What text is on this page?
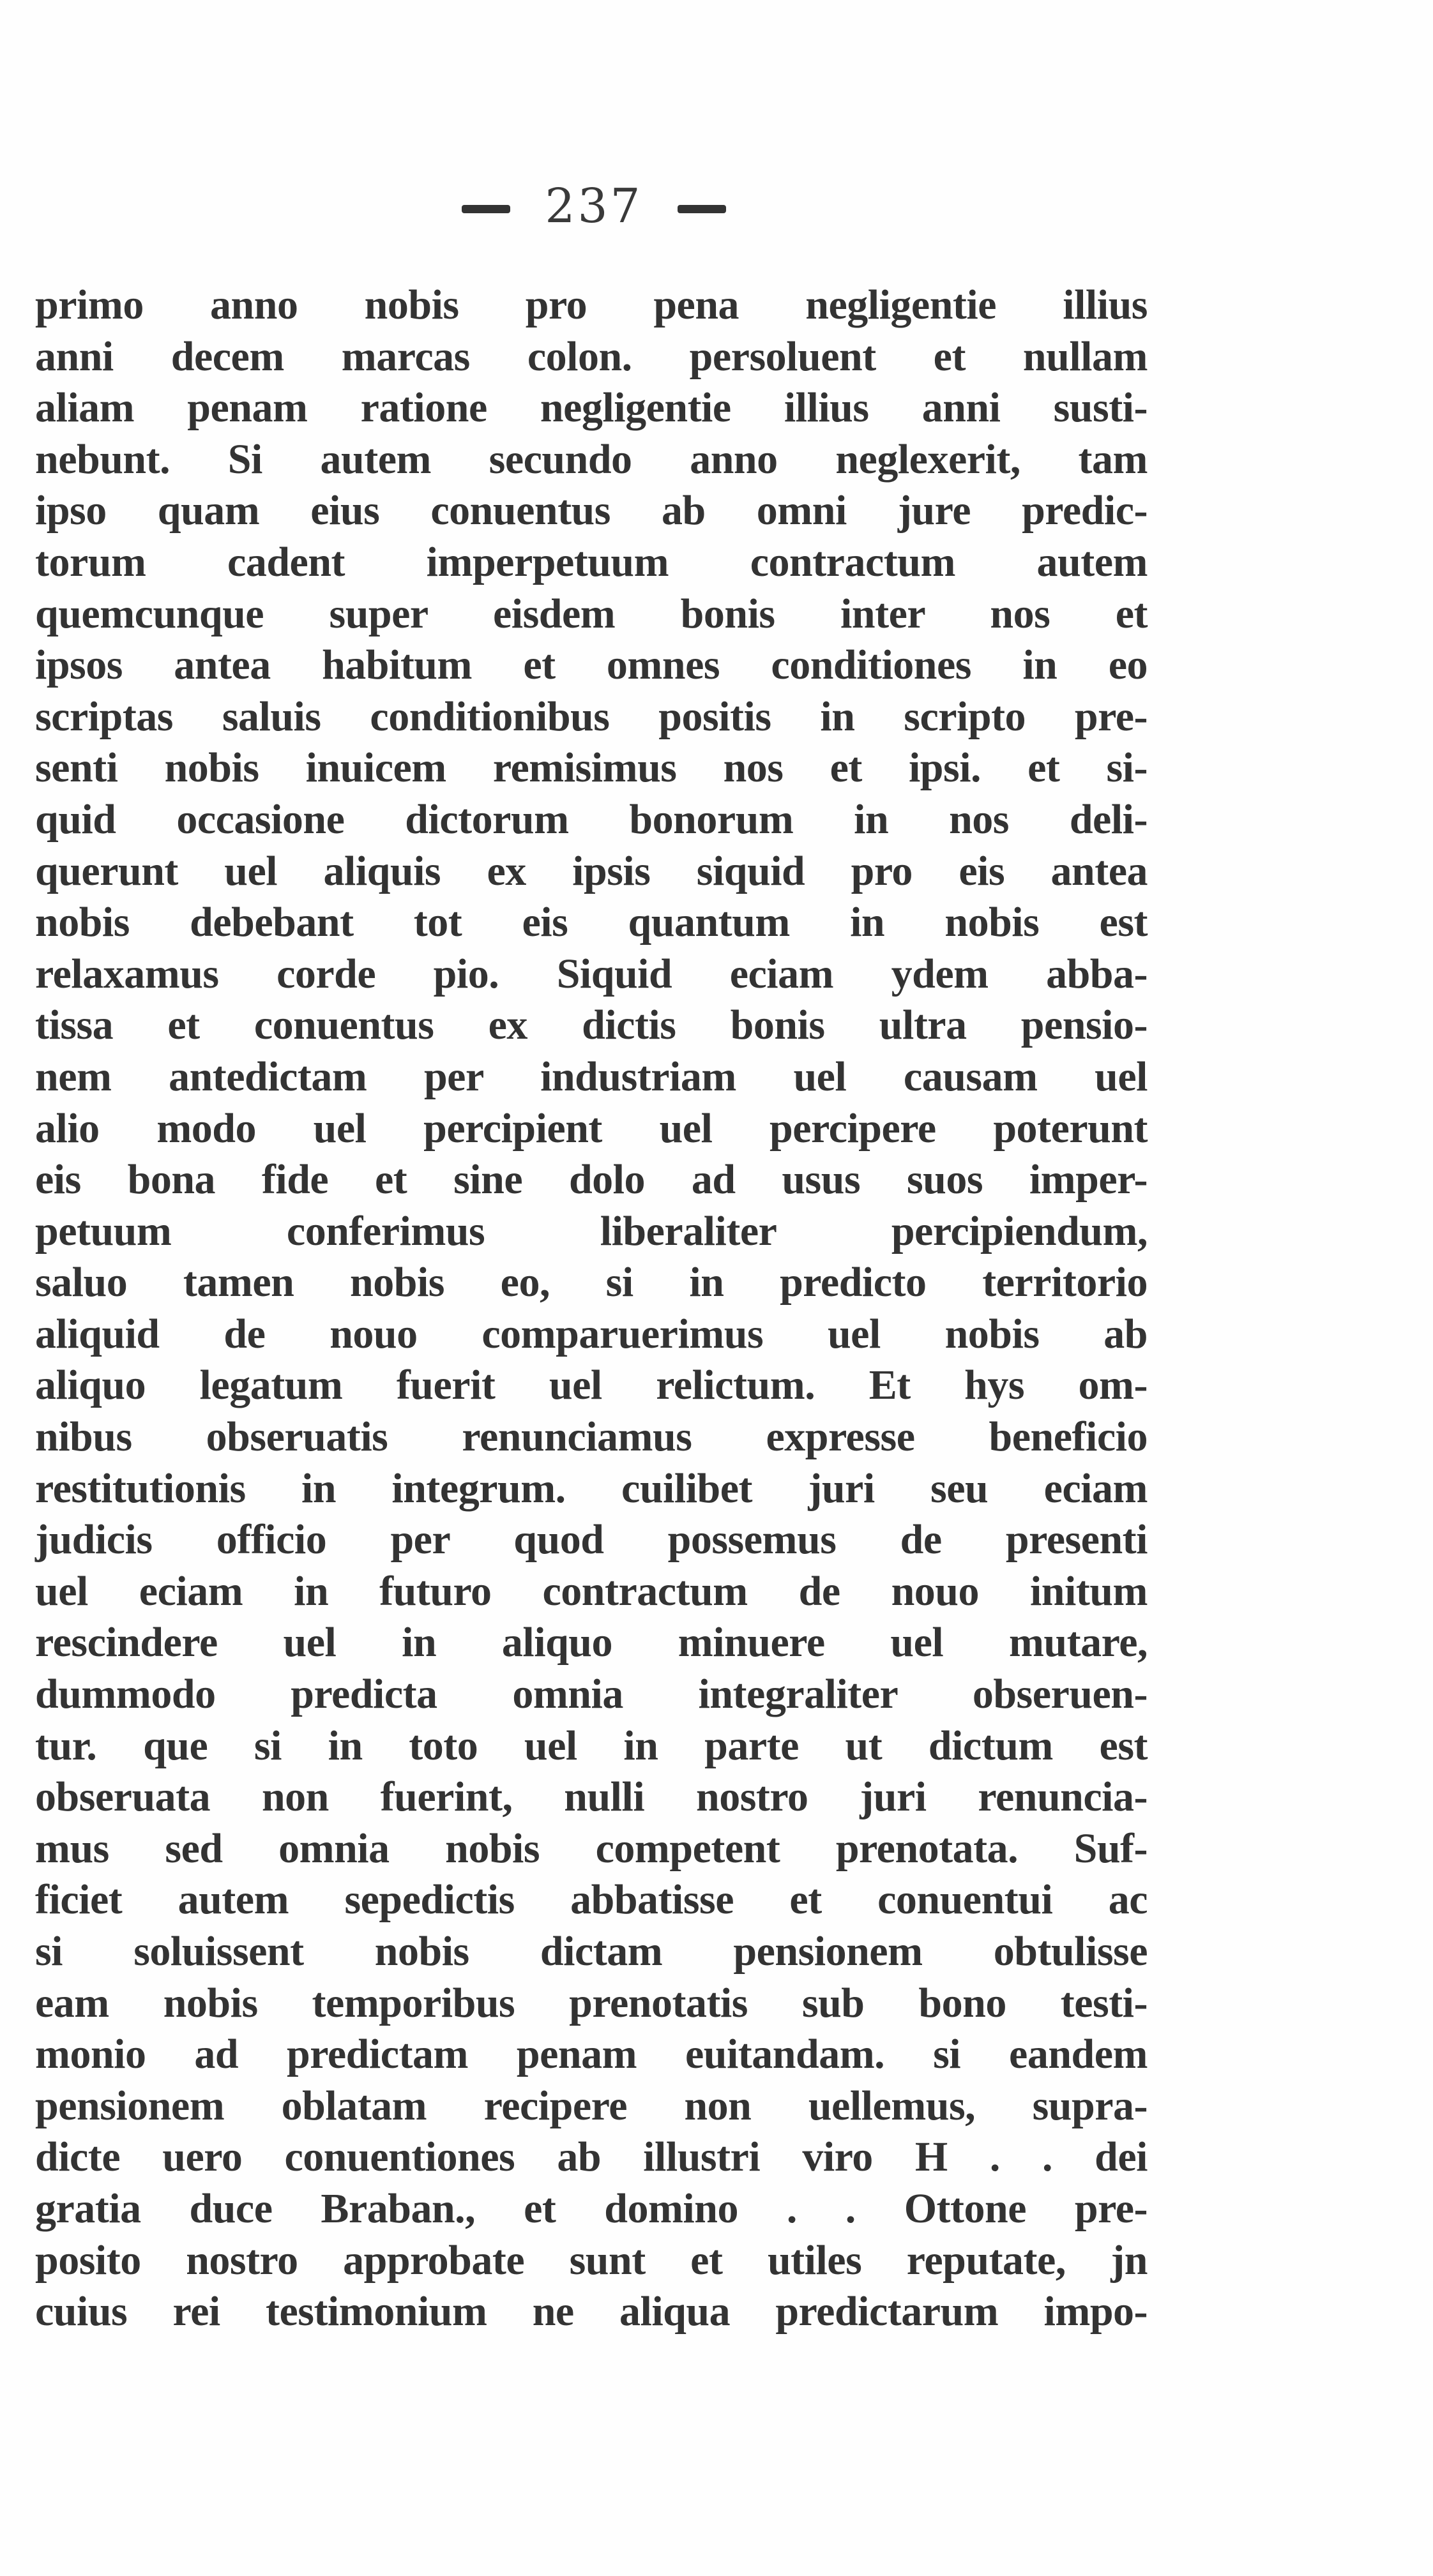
237
primo anno nobis pro pena negligentie illius
anni decem marcas colon. persoluent et nullam
aliam penam ratione negligentie illius anni susti-
nebunt. Si autem secundo anno neglexerit, tam
ipso quam eius conuentus ab omni jure predic-
torum cadent imperpetuum contractum autem
quemcunque super eisdem bonis inter nos et
ipsos antea habitum et omnes conditiones in eo
scriptas saluis conditionibus positis in scripto pre-
senti nobis inuicem remisimus nos et ipsi. et si-
quid occasione dictorum bonorum in nos deli-
querunt uel aliquis ex ipsis siquid pro eis antea
nobis debebant tot eis quantum in nobis est
relaxamus corde pio. Siquid eciam ydem abba-
tissa et conuentus ex dictis bonis ultra pensio-
nem antedictam per industriam uel causam uel
alio modo uel percipient uel percipere poterunt
eis bona fide et sine dolo ad usus suos imper-
petuum conferimus liberaliter percipiendum,
saluo tamen nobis eo, si in predicto territorio
aliquid de nouo comparuerimus uel nobis ab
aliquo legatum fuerit uel relictum. Et hys om-
nibus obseruatis renunciamus expresse beneficio
restitutionis in integrum. cuilibet juri seu eciam
judicis officio per quod possemus de presenti
uel eciam in futuro contractum de nouo initum
rescindere uel in aliquo minuere uel mutare,
dummodo predicta omnia integraliter obseruen-
tur. que si in toto uel in parte ut dictum est
obseruata non fuerint, nulli nostro juri renuncia-
mus sed omnia nobis competent prenotata. Suf-
ficiet autem sepedictis abbatisse et conuentui ac
si soluissent nobis dictam pensionem obtulisse
eam nobis temporibus prenotatis sub bono testi-
monio ad predictam penam euitandam. si eandem
pensionem oblatam recipere non uellemus, supra-
dicte uero conuentiones ab illustri viro H . . dei
gratia duce Braban., et domino . . Ottone pre-
posito nostro approbate sunt et utiles reputate, jn
cuius rei testimonium ne aliqua predictarum impo-
